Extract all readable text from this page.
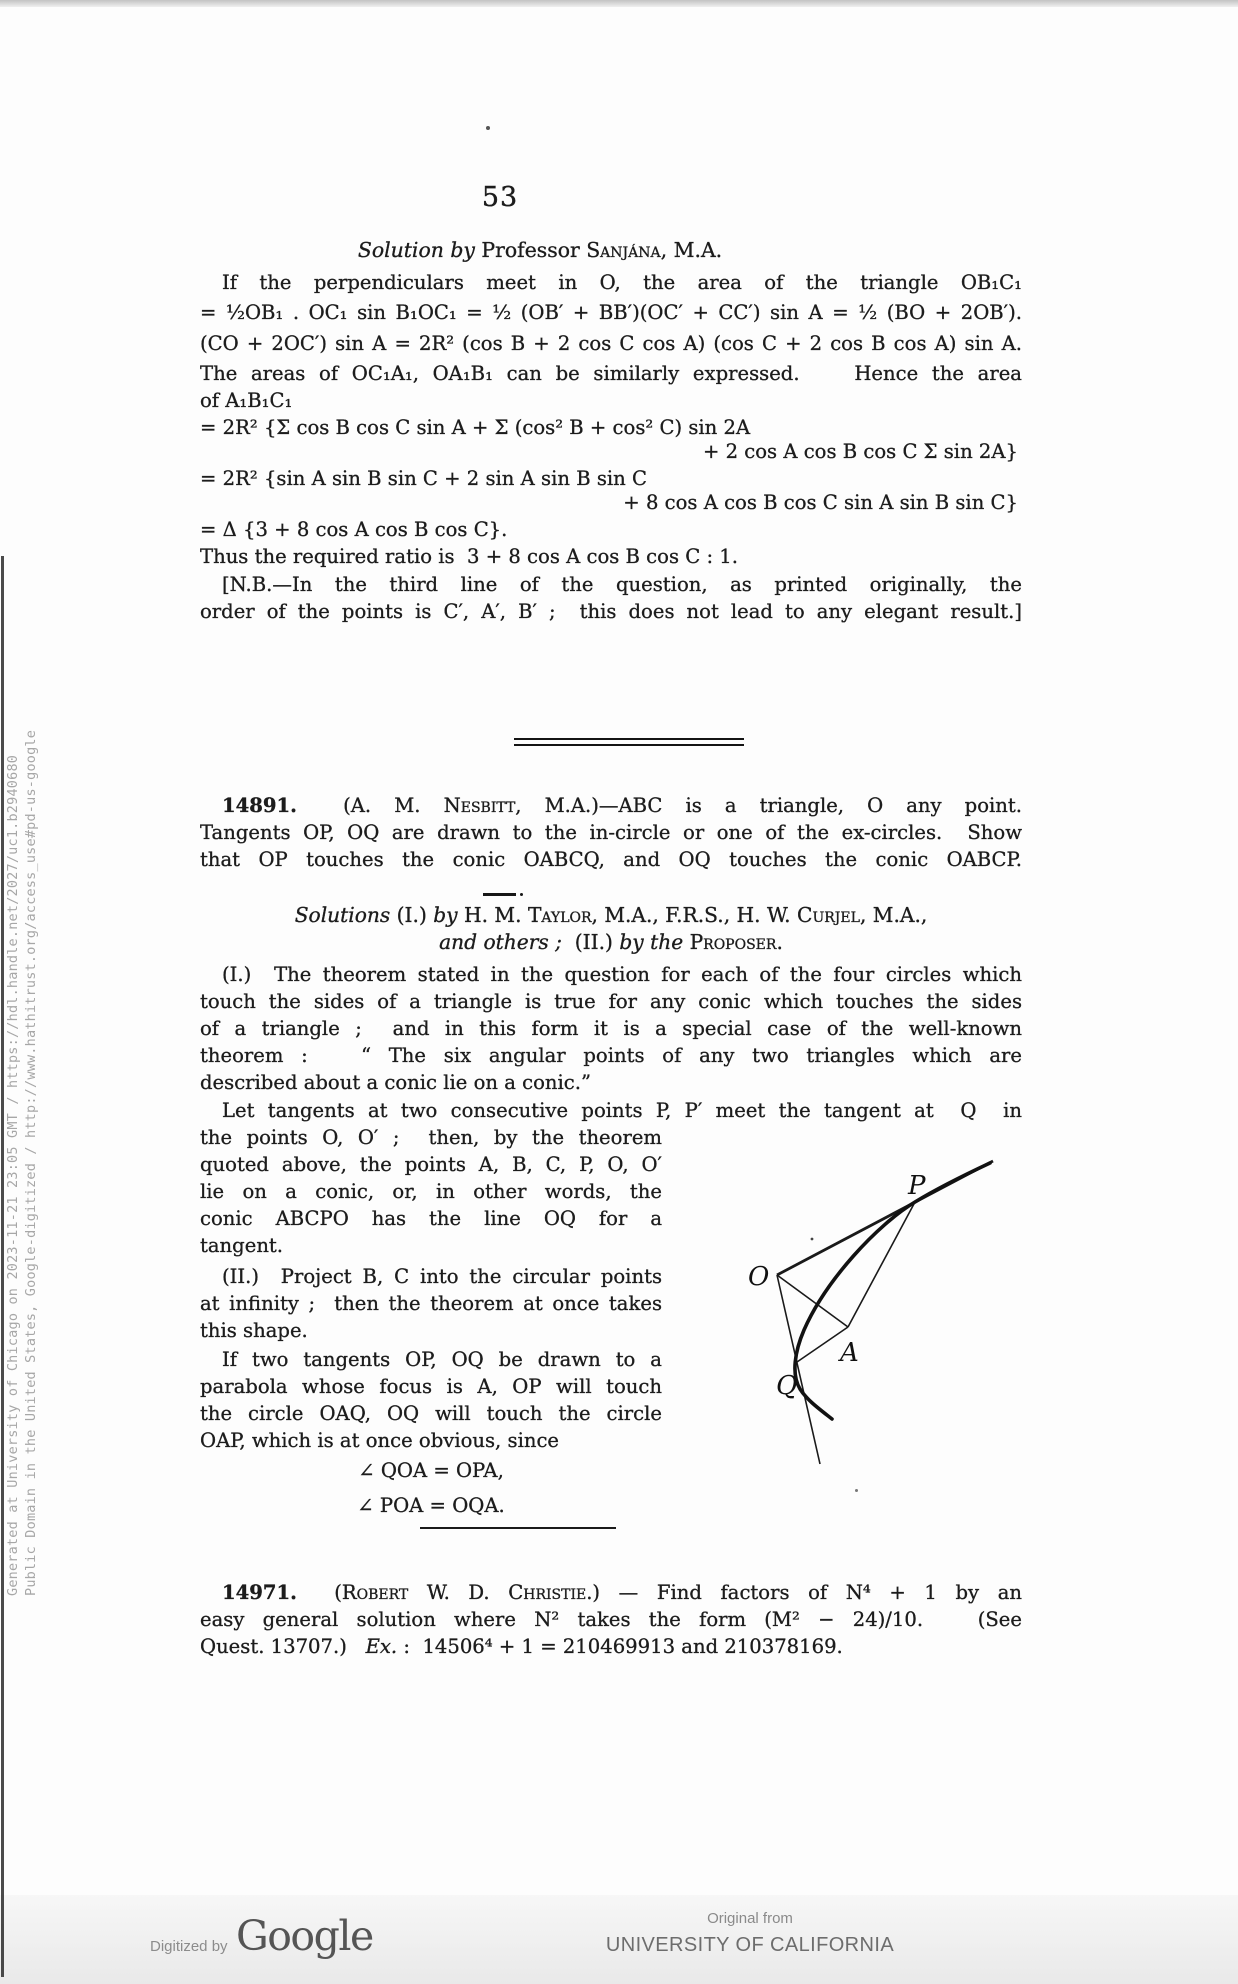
53
Solution by Professor Sanjána, M.A.
If the perpendiculars meet in O, the area of the triangle OB₁C₁
= ½OB₁ . OC₁ sin B₁OC₁ = ½ (OB′ + BB′)(OC′ + CC′) sin A = ½ (BO + 2OB′).
(CO + 2OC′) sin A = 2R² (cos B + 2 cos C cos A) (cos C + 2 cos B cos A) sin A.
The areas of OC₁A₁, OA₁B₁ can be similarly expressed.    Hence the area
of A₁B₁C₁
= 2R² {Σ cos B cos C sin A + Σ (cos² B + cos² C) sin 2A
+ 2 cos A cos B cos C Σ sin 2A}
= 2R² {sin A sin B sin C + 2 sin A sin B sin C
+ 8 cos A cos B cos C sin A sin B sin C}
= Δ {3 + 8 cos A cos B cos C}.
Thus the required ratio is  3 + 8 cos A cos B cos C : 1.
[N.B.—In the third line of the question, as printed originally, the
order of the points is C′, A′, B′ ;  this does not lead to any elegant result.]
14891.  (A. M. Nesbitt, M.A.)—ABC is a triangle, O any point.
Tangents OP, OQ are drawn to the in-circle or one of the ex-circles.  Show
that OP touches the conic OABCQ, and OQ touches the conic OABCP.
Solutions (I.) by H. M. Taylor, M.A., F.R.S., H. W. Curjel, M.A.,
and others ;  (II.) by the Proposer.
(I.)  The theorem stated in the question for each of the four circles which
touch the sides of a triangle is true for any conic which touches the sides
of a triangle ;  and in this form it is a special case of the well-known
theorem :   “ The six angular points of any two triangles which are
described about a conic lie on a conic.”
Let tangents at two consecutive points P, P′ meet the tangent at  Q  in
the points O, O′ ;  then, by the theorem
quoted above, the points A, B, C, P, O, O′
lie on a conic, or, in other words, the
conic ABCPO has the line OQ for a
tangent.
(II.)  Project B, C into the circular points
at infinity ;  then the theorem at once takes
this shape.
If two tangents OP, OQ be drawn to a
parabola whose focus is A, OP will touch
the circle OAQ, OQ will touch the circle
OAP, which is at once obvious, since
∠ QOA = OPA,
∠ POA = OQA.
P
O
A
Q
14971.  (Robert W. D. Christie.) — Find factors of N⁴ + 1 by an
easy general solution where N² takes the form (M² − 24)/10.   (See
Quest. 13707.)   Ex. :  14506⁴ + 1 = 210469913 and 210378169.
Generated at University of Chicago on 2023-11-21 23:05 GMT / https://hdl.handle.net/2027/uc1.b2940680 Public Domain in the United States, Google-digitized / http://www.hathitrust.org/access_use#pd-us-google
Digitized by Google	Original from
UNIVERSITY OF CALIFORNIA
